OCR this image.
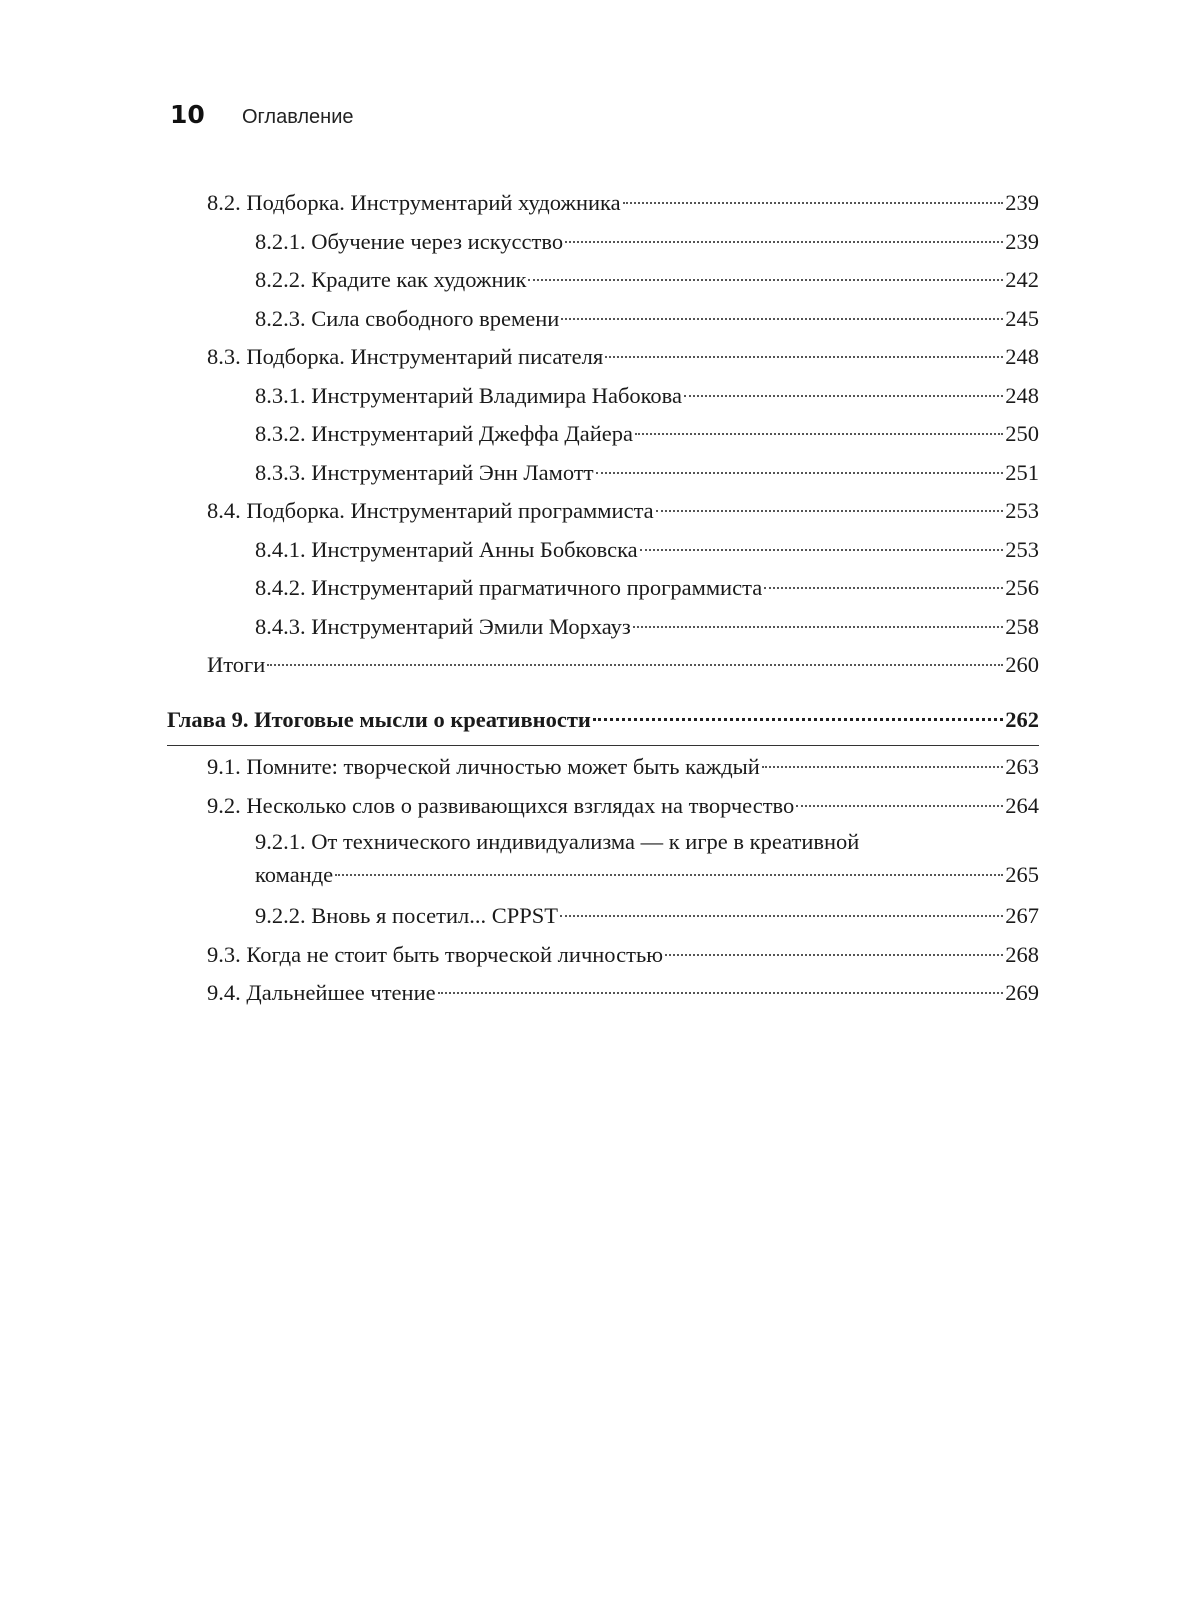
10	Оглавление
8.2. Подборка. Инструментарий художника	239
8.2.1. Обучение через искусство	239
8.2.2. Крадите как художник	242
8.2.3. Сила свободного времени	245
8.3. Подборка. Инструментарий писателя	248
8.3.1. Инструментарий Владимира Набокова	248
8.3.2. Инструментарий Джеффа Дайера	250
8.3.3. Инструментарий Энн Ламотт	251
8.4. Подборка. Инструментарий программиста	253
8.4.1. Инструментарий Анны Бобковска	253
8.4.2. Инструментарий прагматичного программиста	256
8.4.3. Инструментарий Эмили Морхауз	258
Итоги	260
Глава 9. Итоговые мысли о креативности	262
9.1. Помните: творческой личностью может быть каждый	263
9.2. Несколько слов о развивающихся взглядах на творчество	264
9.2.1. От технического индивидуализма — к игре в креативной
команде	265
9.2.2. Вновь я посетил... CPPST	267
9.3. Когда не стоит быть творческой личностью	268
9.4. Дальнейшее чтение	269
